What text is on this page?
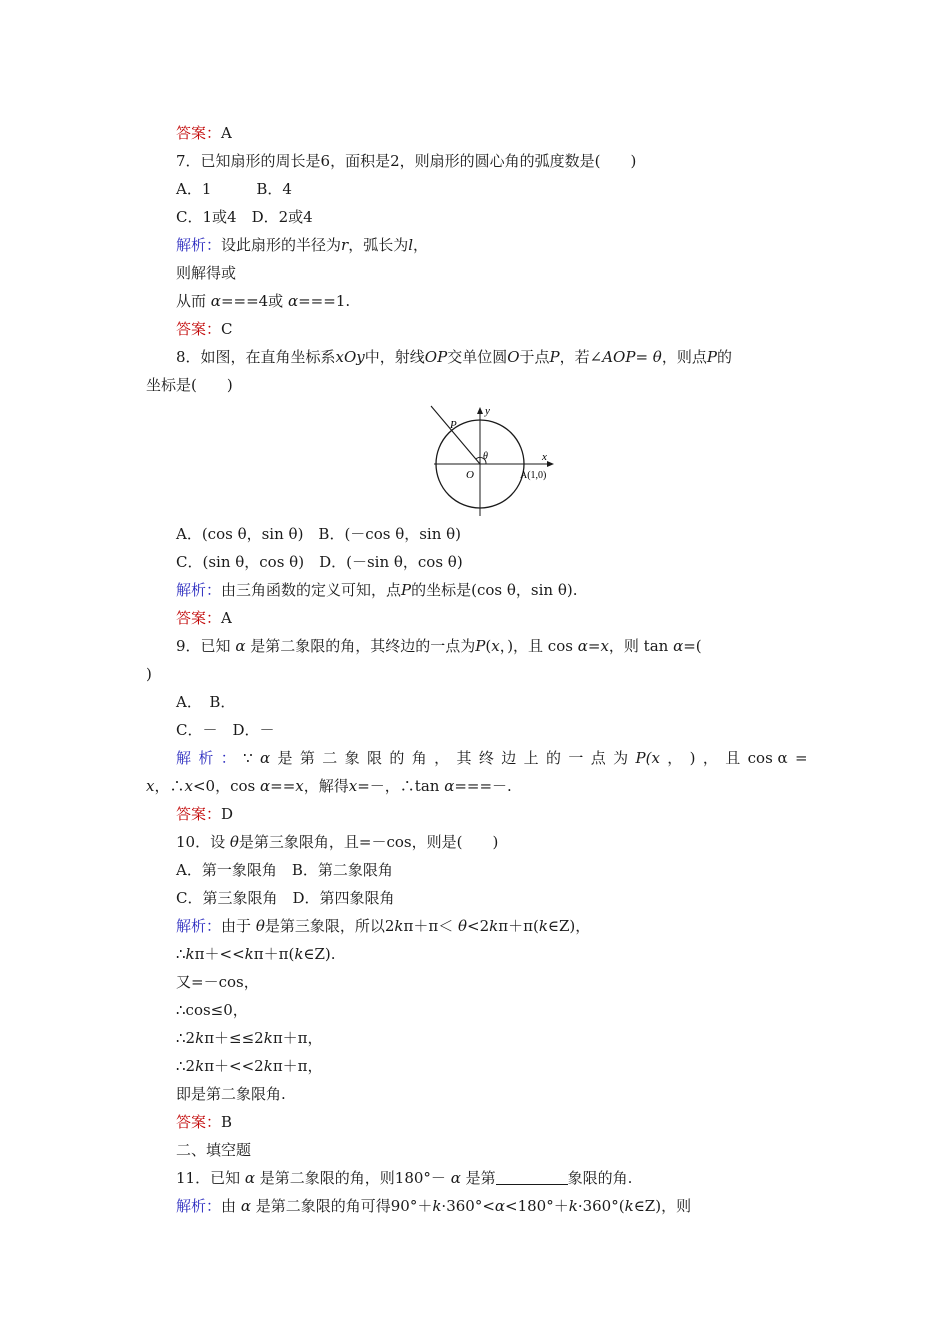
答案：A
7．已知扇形的周长是6，面积是2，则扇形的圆心角的弧度数是(　　)
A．1　　　B．4
C．1或4　D．2或4
解析：设此扇形的半径为r，弧长为l，
则解得或
从而 α===4或 α===1.
答案：C
8．如图，在直角坐标系xOy中，射线OP交单位圆O于点P，若∠AOP= θ，则点P的
坐标是(　　)
y
x
P
θ
O	A(1,0)
A．(cos θ，sin θ)　B．(－cos θ，sin θ)
C．(sin θ，cos θ)　D．(－sin θ，cos θ)
解析：由三角函数的定义可知，点P的坐标是(cos θ，sin θ).
答案：A
9．已知 α 是第二象限的角，其终边的一点为P(x，)，且 cos α=x，则 tan α=(
)
A．　B．
C．－　D．－
解 析 ： ∵ α 是 第 二 象 限 的 角 ， 其 终 边 上 的 一 点 为 P(x ， ) ， 且 cos α =
x，∴x<0，cos α==x，解得x=－，∴tan α===－.
答案：D
10．设 θ是第三象限角，且=－cos，则是(　　)
A．第一象限角　B．第二象限角
C．第三象限角　D．第四象限角
解析：由于 θ是第三象限，所以2kπ＋π＜ θ<2kπ＋π(k∈Z)，
∴kπ＋<<kπ＋π(k∈Z).
又=－cos，
∴cos≤0，
∴2kπ＋≤≤2kπ＋π，
∴2kπ＋<<2kπ＋π，
即是第二象限角.
答案：B
二、填空题
11．已知 α 是第二象限的角，则180°－ α 是第	象限的角.
解析：由 α 是第二象限的角可得90°＋k·360°<α<180°＋k·360°(k∈Z)，则
